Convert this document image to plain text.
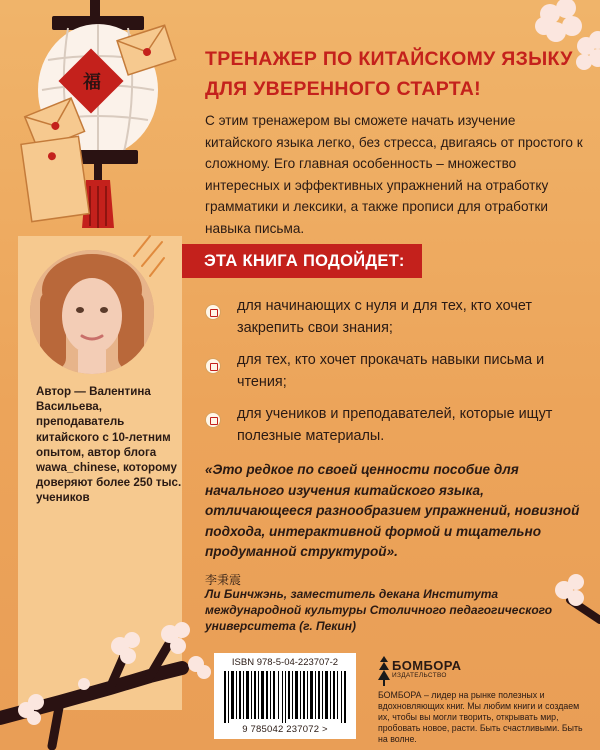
福
ТРЕНАЖЕР ПО КИТАЙСКОМУ ЯЗЫКУ ДЛЯ УВЕРЕННОГО СТАРТА!

С этим тренажером вы сможете начать изучение китайского языка легко, без стресса, двигаясь от простого к сложному. Его главная особенность – множество интересных и эффективных упражнений на отработку грамматики и лексики, а также прописи для отработки навыка письма.

ЭТА КНИГА ПОДОЙДЕТ:
для начинающих с нуля и для тех, кто хочет закрепить свои знания;
для тех, кто хочет прокачать навыки письма и чтения;
для учеников и преподавателей, которые ищут полезные материалы.

«Это редкое по своей ценности пособие для начального изучения китайского языка, отличающееся разнообразием упражнений, новизной подхода, интерактивной формой и тщательно продуманной структурой».

李秉震

Ли Бинчжэнь, заместитель декана Института международной культуры Столичного педагогического университета (г. Пекин)

Автор — Валентина Васильева, преподаватель китайского с 10-летним опытом, автор блога wawa_chinese, которому доверяют более 250 тыс. учеников

ISBN 978-5-04-223707-2
9 785042 237072 >
БОМБОРА
ИЗДАТЕЛЬСТВО

БОМБОРА – лидер на рынке полезных и вдохновляющих книг. Мы любим книги и создаем их, чтобы вы могли творить, открывать мир, пробовать новое, расти. Быть счастливыми. Быть на волне.
